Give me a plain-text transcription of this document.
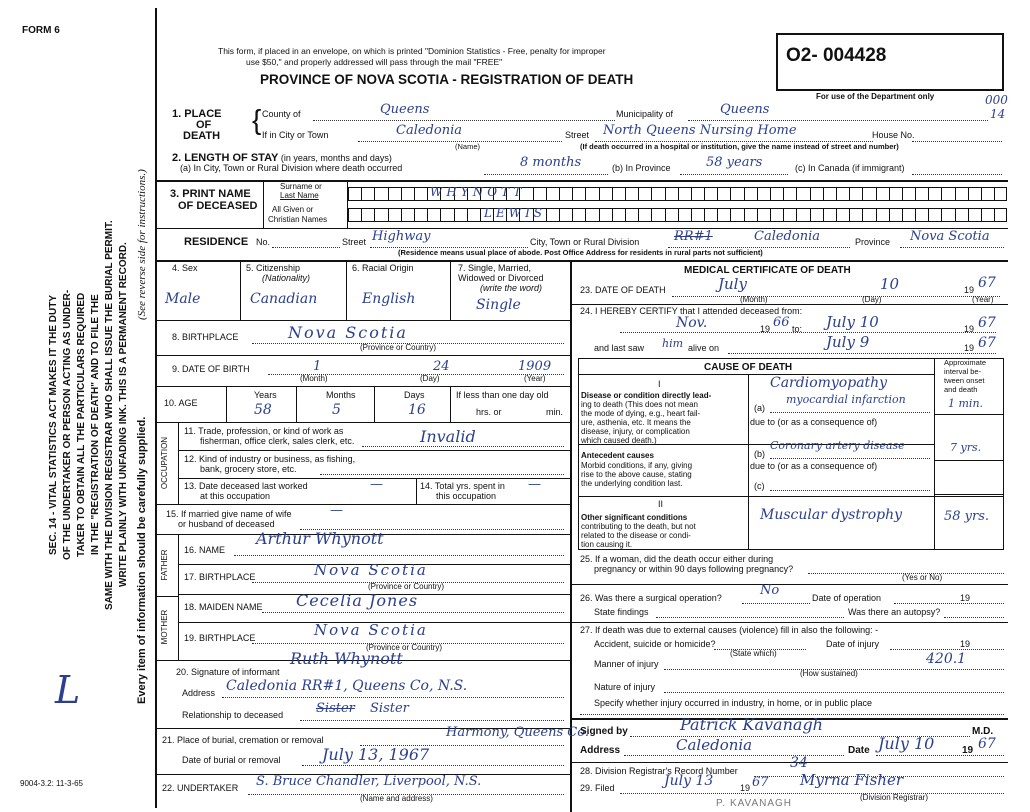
FORM 6
9004-3.2: 11-3-65
L
SEC. 14 - VITAL STATISTICS ACT MAKES IT THE DUTY OF THE UNDERTAKER OR PERSON ACTING AS UNDER- TAKER TO OBTAIN ALL THE PARTICULARS REQUIRED IN THE "REGISTRATION OF DEATH" AND TO FILE THE SAME WITH THE DIVISION REGISTRAR WHO SHALL ISSUE THE BURIAL PERMIT. WRITE PLAINLY WITH UNFADING INK. THIS IS A PERMANENT RECORD. (See reverse side for instructions.)
Every item of information should be carefully supplied.
This form, if placed in an envelope, on which is printed "Dominion Statistics - Free, penalty for improper
use $50," and properly addressed will pass through the mail "FREE"
PROVINCE OF NOVA SCOTIA - REGISTRATION OF DEATH
O2- 004428
For use of the Department only	000
14
1. PLACE
OF
DEATH
{ County of	Queens	Municipality of	Queens
If in City or Town	Caledonia
(Name)
Street North Queens Nursing Home	House No.
(If death occurred in a hospital or institution, give the name instead of street and number)
2. LENGTH OF STAY (in years, months and days)
(a) In City, Town or Rural Division where death occurred	8 months	(b) In Province	58 years	(c) In Canada (if immigrant)
3. PRINT NAME
OF DECEASED
Surname or
Last Name
All Given or
Christian Names
WHYNOTT
LEWIS
RESIDENCE No.	Street Highway	City, Town or Rural Division	RR#1	Caledonia	Province Nova Scotia
(Residence means usual place of abode. Post Office Address for residents in rural parts not sufficient)
4. Sex
Male
5. Citizenship
(Nationality)
Canadian
6. Racial Origin
English
7. Single, Married,
Widowed or Divorced
(write the word)
Single
8. BIRTHPLACE	Nova Scotia
(Province or Country)
9. DATE OF BIRTH	1	24	1909
(Month)	(Day)	(Year)
10. AGE
Years
58
Months
5
Days
16
If less than one day old
hrs. or	min.
OCCUPATION
11. Trade, profession, or kind of work as
fisherman, office clerk, sales clerk, etc.	Invalid
12. Kind of industry or business, as fishing,
bank, grocery store, etc.
13. Date deceased last worked
at this occupation
—	14. Total yrs. spent in
this occupation
—
15. If married give name of wife
or husband of deceased
—
FATHER 16. NAME
Arthur Whynott
17. BIRTHPLACE	Nova Scotia
(Province or Country)
MOTHER
18. MAIDEN NAME Cecelia Jones
19. BIRTHPLACE	Nova Scotia
(Province or Country)
20. Signature of informant
Ruth Whynott
Address Caledonia RR#1, Queens Co, N.S.
Relationship to deceased	Sister Sister
21. Place of burial, cremation or removal	Harmony, Queens Co.
Date of burial or removal	July 13, 1967
22. UNDERTAKER S. Bruce Chandler, Liverpool, N.S.
(Name and address)
MEDICAL CERTIFICATE OF DEATH
23. DATE OF DEATH	July	10	19 67
(Month)	(Day)	(Year)
24. I HEREBY CERTIFY that I attended deceased from:
Nov.	19 66 to: July 10	19 67
and last saw him alive on	July 9	19 67
CAUSE OF DEATH	Approximate
interval be-
tween onset
and death
I
Disease or condition directly lead-
ing to death (This does not mean
the mode of dying, e.g., heart fail-
ure, asthenia, etc. It means the
disease, injury, or complication
which caused death.)
(a)
Cardiomyopathy
myocardial infarction	1 min.
due to (or as a consequence of)
Antecedent causes
Morbid conditions, if any, giving
rise to the above cause, stating
the underlying condition last.
(b)
Coronary artery disease	7 yrs.
due to (or as a consequence of)
(c)
II
Other significant conditions
contributing to the death, but not
related to the disease or condi-
tion causing it.
Muscular dystrophy	58 yrs.
25. If a woman, did the death occur either during
pregnancy or within 90 days following pregnancy?
(Yes or No)
26. Was there a surgical operation?	No	Date of operation	19
State findings	Was there an autopsy?
27. If death was due to external causes (violence) fill in also the following: -
Accident, suicide or homicide?
(State which)
Date of injury	19
Manner of injury	420.1
(How sustained)
Nature of injury
Specify whether injury occurred in industry, in home, or in public place
Signed by	Patrick Kavanagh	M.D.
Address	Caledonia	Date July 10	19 67
28. Division Registrar's Record Number	34
29. Filed	July 13	19 67 Myrna Fisher
(Division Registrar)
P. KAVANAGH
